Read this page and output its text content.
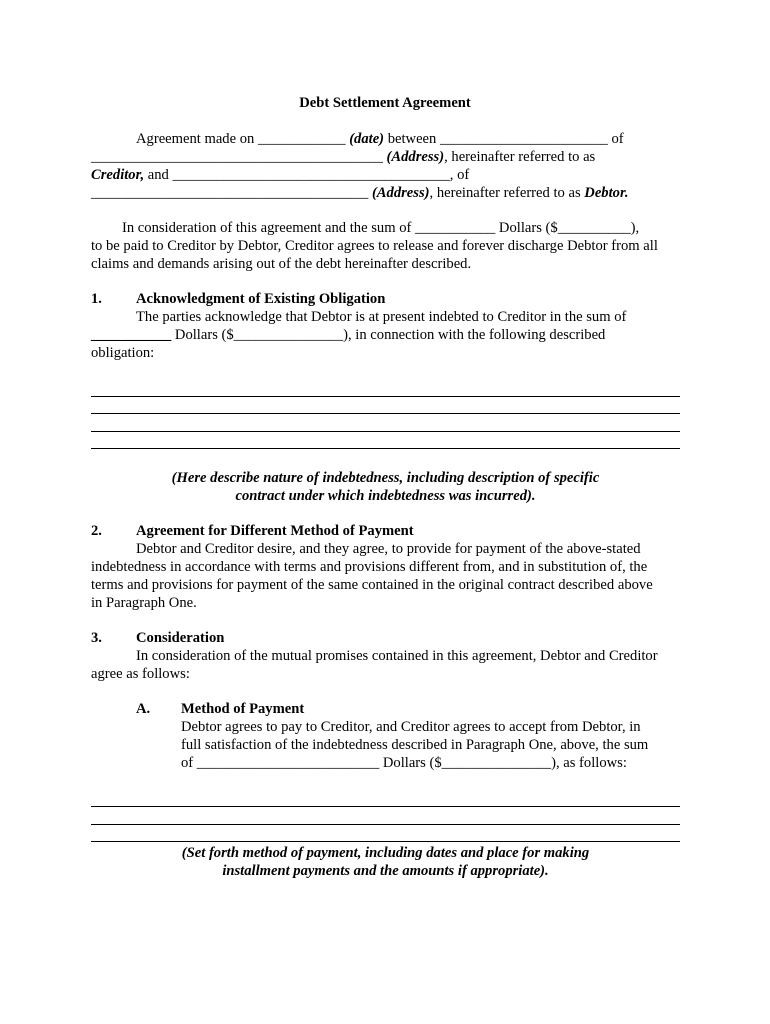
Debt Settlement Agreement
Agreement made on ____________ (date) between _______________________ of
________________________________________ (Address), hereinafter referred to as
Creditor, and ______________________________________, of
______________________________________ (Address), hereinafter referred to as Debtor.
In consideration of this agreement and the sum of ___________ Dollars ($__________),
to be paid to Creditor by Debtor, Creditor agrees to release and forever discharge Debtor from all
claims and demands arising out of the debt hereinafter described.
1. Acknowledgment of Existing Obligation
The parties acknowledge that Debtor is at present indebted to Creditor in the sum of
___________ Dollars ($_______________), in connection with the following described
obligation:
(Here describe nature of indebtedness, including description of specific
contract under which indebtedness was incurred).
2. Agreement for Different Method of Payment
Debtor and Creditor desire, and they agree, to provide for payment of the above-stated
indebtedness in accordance with terms and provisions different from, and in substitution of, the
terms and provisions for payment of the same contained in the original contract described above
in Paragraph One.
3. Consideration
In consideration of the mutual promises contained in this agreement, Debtor and Creditor
agree as follows:
A. Method of Payment
Debtor agrees to pay to Creditor, and Creditor agrees to accept from Debtor, in
full satisfaction of the indebtedness described in Paragraph One, above, the sum
of _________________________ Dollars ($_______________), as follows:
(Set forth method of payment, including dates and place for making
installment payments and the amounts if appropriate).
